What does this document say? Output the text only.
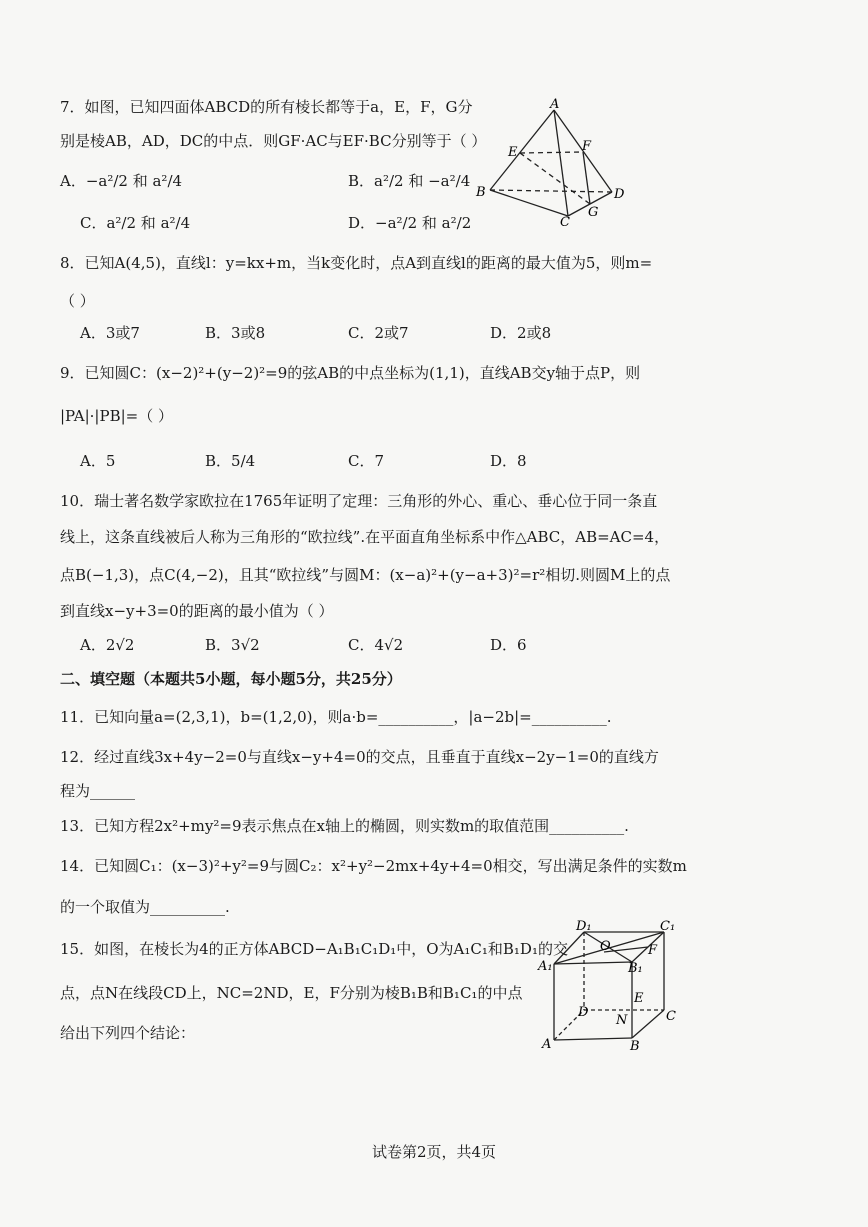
7．如图，已知四面体ABCD的所有棱长都等于a，E，F，G分
别是棱AB，AD，DC的中点．则GF·AC与EF·BC分别等于（ ）
A．−a²/2 和 a²/4	B．a²/2 和 −a²/4
C．a²/2 和 a²/4	D．−a²/2 和 a²/2
A
E	F
B	D
C
G
8．已知A(4,5)，直线l：y=kx+m，当k变化时，点A到直线l的距离的最大值为5，则m=
（ ）
A．3或7	B．3或8	C．2或7	D．2或8
9．已知圆C：(x−2)²+(y−2)²=9的弦AB的中点坐标为(1,1)，直线AB交y轴于点P，则
|PA|·|PB|=（ ）
A．5	B．5/4	C．7	D．8
10．瑞士著名数学家欧拉在1765年证明了定理：三角形的外心、重心、垂心位于同一条直
线上，这条直线被后人称为三角形的“欧拉线”.在平面直角坐标系中作△ABC，AB=AC=4，
点B(−1,3)，点C(4,−2)，且其“欧拉线”与圆M：(x−a)²+(y−a+3)²=r²相切.则圆M上的点
到直线x−y+3=0的距离的最小值为（ ）
A．2√2	B．3√2	C．4√2	D．6
二、填空题（本题共5小题，每小题5分，共25分）
11．已知向量a=(2,3,1)，b=(1,2,0)，则a·b=__________，|a−2b|=__________.
12．经过直线3x+4y−2=0与直线x−y+4=0的交点，且垂直于直线x−2y−1=0的直线方
程为______
13．已知方程2x²+my²=9表示焦点在x轴上的椭圆，则实数m的取值范围__________.
14．已知圆C₁：(x−3)²+y²=9与圆C₂：x²+y²−2mx+4y+4=0相交，写出满足条件的实数m
的一个取值为__________.
15．如图，在棱长为4的正方体ABCD−A₁B₁C₁D₁中，O为A₁C₁和B₁D₁的交
点，点N在线段CD上，NC=2ND，E，F分别为棱B₁B和B₁C₁的中点
给出下列四个结论：
D₁	C₁
A₁
O
B₁
F
E
D
N	C
A	B
试卷第2页，共4页
